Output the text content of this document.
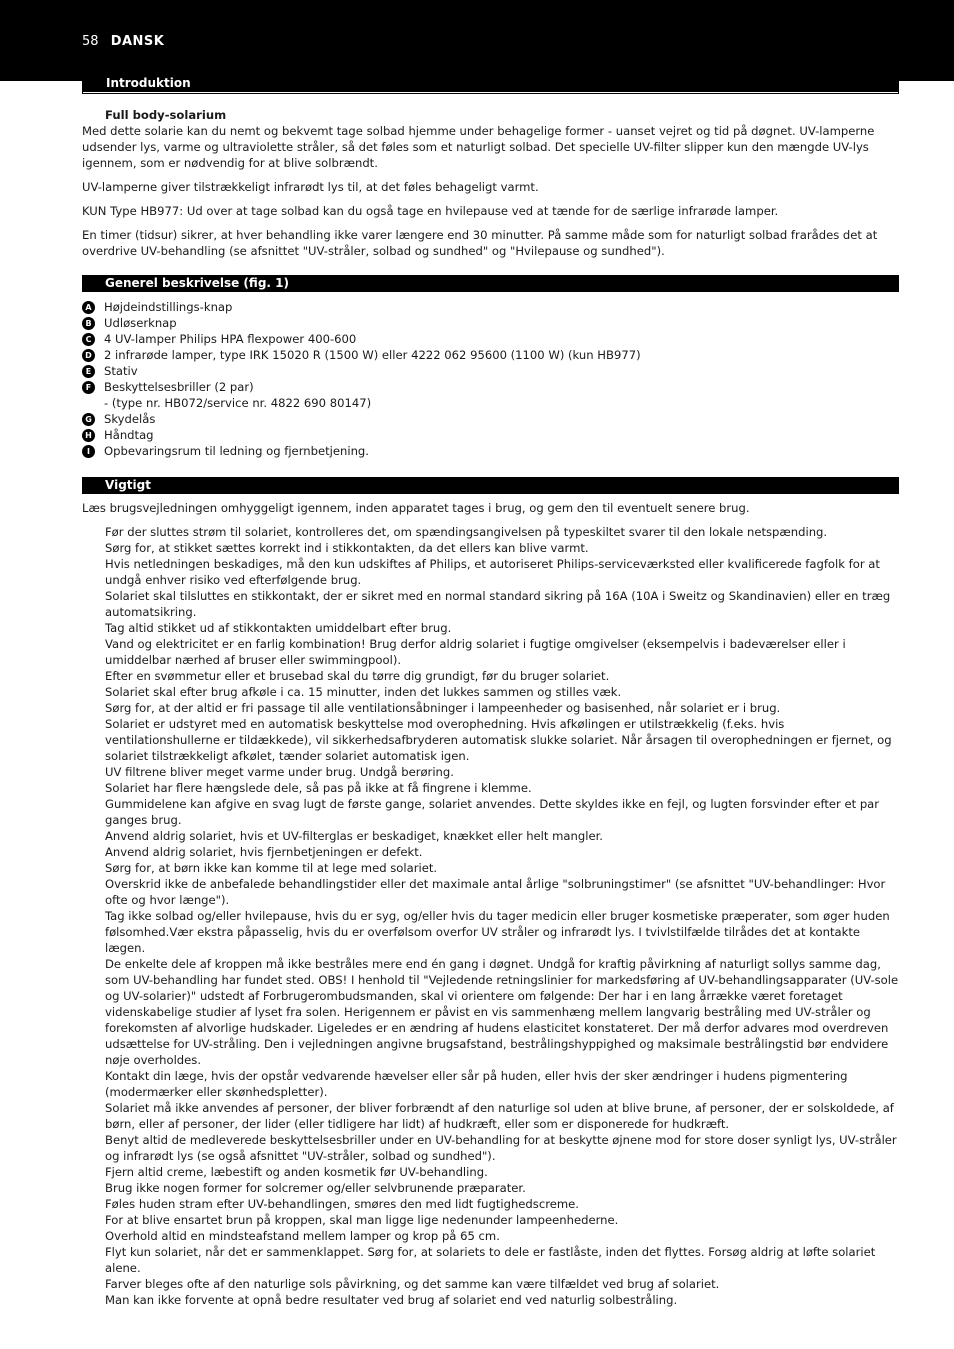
58 DANSK
Introduktion

Full body-solarium

Med dette solarie kan du nemt og bekvemt tage solbad hjemme under behagelige former - uanset vejret og tid på døgnet. UV-lamperne udsender lys, varme og ultraviolette stråler, så det føles som et naturligt solbad. Det specielle UV-filter slipper kun den mængde UV-lys igennem, som er nødvendig for at blive solbrændt.

UV-lamperne giver tilstrækkeligt infrarødt lys til, at det føles behageligt varmt.

KUN Type HB977: Ud over at tage solbad kan du også tage en hvilepause ved at tænde for de særlige infrarøde lamper.

En timer (tidsur) sikrer, at hver behandling ikke varer længere end 30 minutter. På samme måde som for naturligt solbad frarådes det at overdrive UV-behandling (se afsnittet "UV-stråler, solbad og sundhed" og "Hvilepause og sundhed").

Generel beskrivelse (fig. 1)
A Højdeindstillings-knap
B Udløserknap
C	4 UV-lamper Philips HPA flexpower 400-600
D 2 infrarøde lamper, type IRK 15020 R (1500 W) eller 4222 062 95600 (1100 W) (kun HB977)
E	Stativ
F	Beskyttelsesbriller (2 par)
- (type nr. HB072/service nr. 4822 690 80147)
G Skydelås
H Håndtag
I	Opbevaringsrum til ledning og fjernbetjening.
Vigtigt

Læs brugsvejledningen omhyggeligt igennem, inden apparatet tages i brug, og gem den til eventuelt senere brug.

Før der sluttes strøm til solariet, kontrolleres det, om spændingsangivelsen på typeskiltet svarer til den lokale netspænding.
Sørg for, at stikket sættes korrekt ind i stikkontakten, da det ellers kan blive varmt.
Hvis netledningen beskadiges, må den kun udskiftes af Philips, et autoriseret Philips-serviceværksted eller kvalificerede fagfolk for at undgå enhver risiko ved efterfølgende brug.
Solariet skal tilsluttes en stikkontakt, der er sikret med en normal standard sikring på 16A (10A i Sweitz og Skandinavien) eller en træg automatsikring.
Tag altid stikket ud af stikkontakten umiddelbart efter brug.
Vand og elektricitet er en farlig kombination! Brug derfor aldrig solariet i fugtige omgivelser (eksempelvis i badeværelser eller i umiddelbar nærhed af bruser eller swimmingpool).
Efter en svømmetur eller et brusebad skal du tørre dig grundigt, før du bruger solariet.
Solariet skal efter brug afkøle i ca. 15 minutter, inden det lukkes sammen og stilles væk.
Sørg for, at der altid er fri passage til alle ventilationsåbninger i lampeenheder og basisenhed, når solariet er i brug.
Solariet er udstyret med en automatisk beskyttelse mod overophedning. Hvis afkølingen er utilstrækkelig (f.eks. hvis ventilationshullerne er tildækkede), vil sikkerhedsafbryderen automatisk slukke solariet. Når årsagen til overophedningen er fjernet, og solariet tilstrækkeligt afkølet, tænder solariet automatisk igen.
UV filtrene bliver meget varme under brug. Undgå berøring.
Solariet har flere hængslede dele, så pas på ikke at få fingrene i klemme.
Gummidelene kan afgive en svag lugt de første gange, solariet anvendes. Dette skyldes ikke en fejl, og lugten forsvinder efter et par ganges brug.
Anvend aldrig solariet, hvis et UV-filterglas er beskadiget, knækket eller helt mangler.
Anvend aldrig solariet, hvis fjernbetjeningen er defekt.
Sørg for, at børn ikke kan komme til at lege med solariet.
Overskrid ikke de anbefalede behandlingstider eller det maximale antal årlige "solbruningstimer" (se afsnittet "UV-behandlinger: Hvor ofte og hvor længe").
Tag ikke solbad og/eller hvilepause, hvis du er syg, og/eller hvis du tager medicin eller bruger kosmetiske præperater, som øger huden følsomhed.Vær ekstra påpasselig, hvis du er overfølsom overfor UV stråler og infrarødt lys. I tvivlstilfælde tilrådes det at kontakte lægen.
De enkelte dele af kroppen må ikke bestråles mere end én gang i døgnet. Undgå for kraftig påvirkning af naturligt sollys samme dag, som UV-behandling har fundet sted. OBS! I henhold til "Vejledende retningslinier for markedsføring af UV-behandlingsapparater (UV-sole og UV-solarier)" udstedt af Forbrugerombudsmanden, skal vi orientere om følgende: Der har i en lang årrække været foretaget videnskabelige studier af lyset fra solen. Herigennem er påvist en vis sammenhæng mellem langvarig bestråling med UV-stråler og forekomsten af alvorlige hudskader. Ligeledes er en ændring af hudens elasticitet konstateret. Der må derfor advares mod overdreven udsættelse for UV-stråling. Den i vejledningen angivne brugsafstand, bestrålingshyppighed og maksimale bestrålingstid bør endvidere nøje overholdes.
Kontakt din læge, hvis der opstår vedvarende hævelser eller sår på huden, eller hvis der sker ændringer i hudens pigmentering (modermærker eller skønhedspletter).
Solariet må ikke anvendes af personer, der bliver forbrændt af den naturlige sol uden at blive brune, af personer, der er solskoldede, af børn, eller af personer, der lider (eller tidligere har lidt) af hudkræft, eller som er disponerede for hudkræft.
Benyt altid de medleverede beskyttelsesbriller under en UV-behandling for at beskytte øjnene mod for store doser synligt lys, UV-stråler og infrarødt lys (se også afsnittet "UV-stråler, solbad og sundhed").
Fjern altid creme, læbestift og anden kosmetik før UV-behandling.
Brug ikke nogen former for solcremer og/eller selvbrunende præparater.
Føles huden stram efter UV-behandlingen, smøres den med lidt fugtighedscreme.
For at blive ensartet brun på kroppen, skal man ligge lige nedenunder lampeenhederne.
Overhold altid en mindsteafstand mellem lamper og krop på 65 cm.
Flyt kun solariet, når det er sammenklappet. Sørg for, at solariets to dele er fastlåste, inden det flyttes. Forsøg aldrig at løfte solariet alene.
Farver bleges ofte af den naturlige sols påvirkning, og det samme kan være tilfældet ved brug af solariet.
Man kan ikke forvente at opnå bedre resultater ved brug af solariet end ved naturlig solbestråling.
